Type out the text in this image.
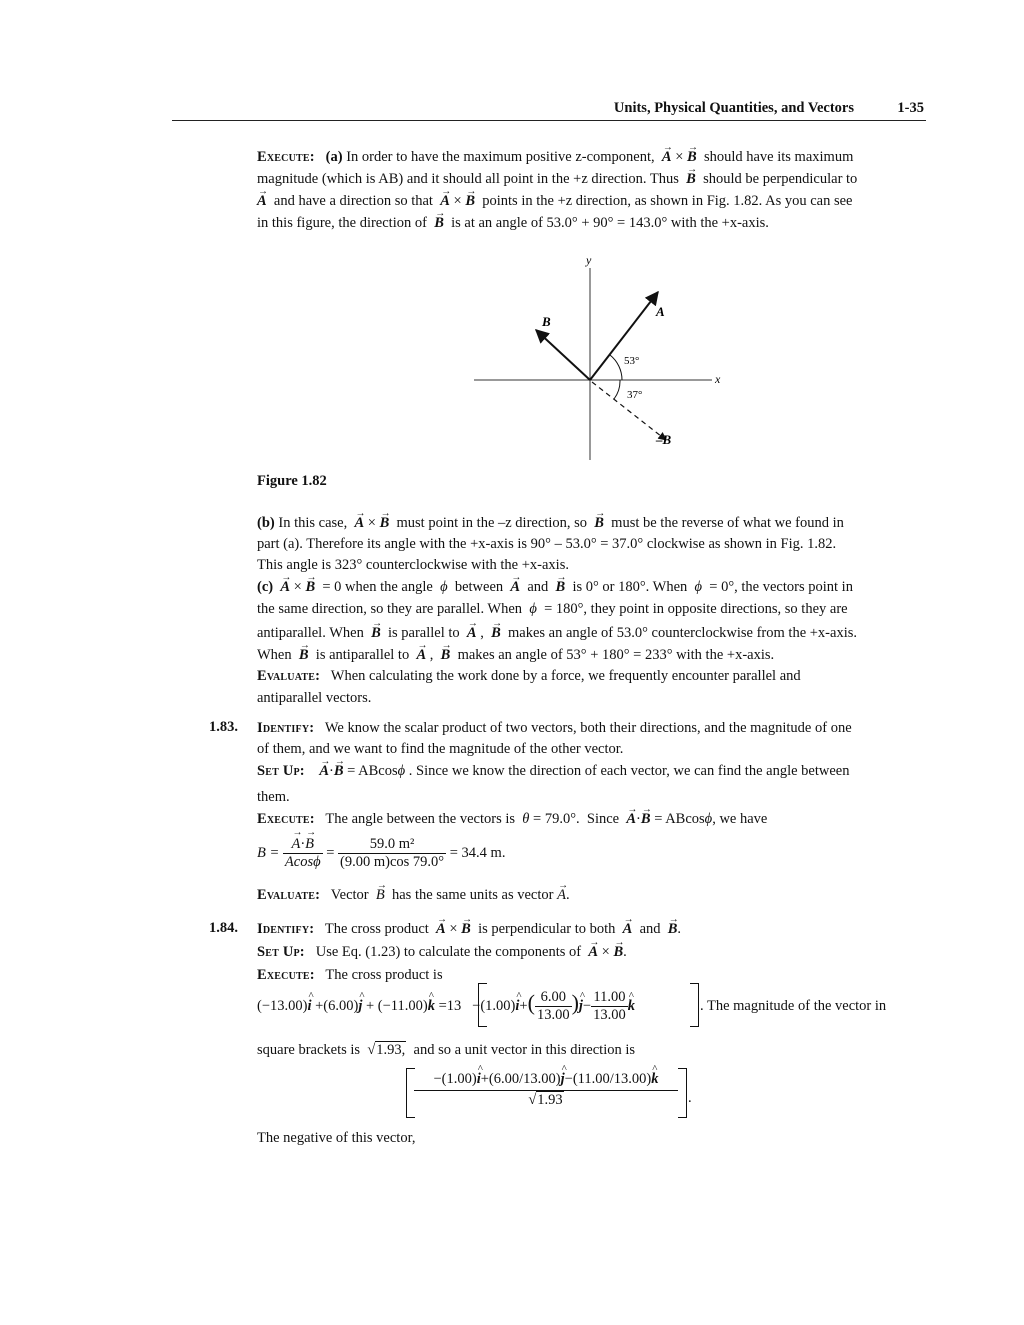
Units, Physical Quantities, and Vectors	1-35
Execute: (a) In order to have the maximum positive z-component, → A × → B should have its maximum
magnitude (which is AB) and it should all point in the +z direction. Thus → B should be perpendicular to
→ A and have a direction so that → A × → B points in the +z direction, as shown in Fig. 1.82. As you can see
in this figure, the direction of → B is at an angle of 53.0° + 90° = 143.0° with the +x-axis.
y
x
A
B
–B
53°
37°
Figure 1.82
(b) In this case, → A × → B must point in the –z direction, so → B must be the reverse of what we found in
part (a). Therefore its angle with the +x-axis is 90° – 53.0° = 37.0° clockwise as shown in Fig. 1.82.
This angle is 323° counterclockwise with the +x-axis.
(c) → A × → B = 0 when the angle ϕ between → A and → B is 0° or 180°. When ϕ = 0°, the vectors point in
the same direction, so they are parallel. When ϕ = 180°, they point in opposite directions, so they are
antiparallel. When → B is parallel to → A ,  → B makes an angle of 53.0° counterclockwise from the +x-axis.
When → B is antiparallel to → A ,  → B makes an angle of 53° + 180° = 233° with the +x-axis.
Evaluate: When calculating the work done by a force, we frequently encounter parallel and
antiparallel vectors.
1.83. Identify: We know the scalar product of two vectors, both their directions, and the magnitude of one
of them, and we want to find the magnitude of the other vector.
Set Up: → A·→ B = ABcosϕ . Since we know the direction of each vector, we can find the angle between
them.
Execute: The angle between the vectors is θ = 79.0°. Since → A·→ B = ABcosϕ, we have
B = → $\frac{A\cdot\to B}{Acos\phi} = \frac{\text{59.0 m²}}{(9.00 m)\cos 79.0^\circ} = 34.4$ m.
Evaluate: Vector → B has the same units as vector → A.
1.84. Identify: The cross product → A × → B is perpendicular to both → A and → B.
Set Up: Use Eq. (1.23) to calculate the components of → A × → B.
Execute: The cross product is
(−13.00)^ i +(6.00)^ j + (−11.00)^ k =13 −(1.00)^ $i+( \frac{6.00}{13.00}$ )^ $j- \frac{11.00}{13.00}$ ^ k	. The magnitude of the vector in
square brackets is  √1.93, and so a unit vector in this direction is
.
−(1.00)^ i+(6.00/13.00)^ j−(11.00/13.00)^ k
√1.93
The negative of this vector,
